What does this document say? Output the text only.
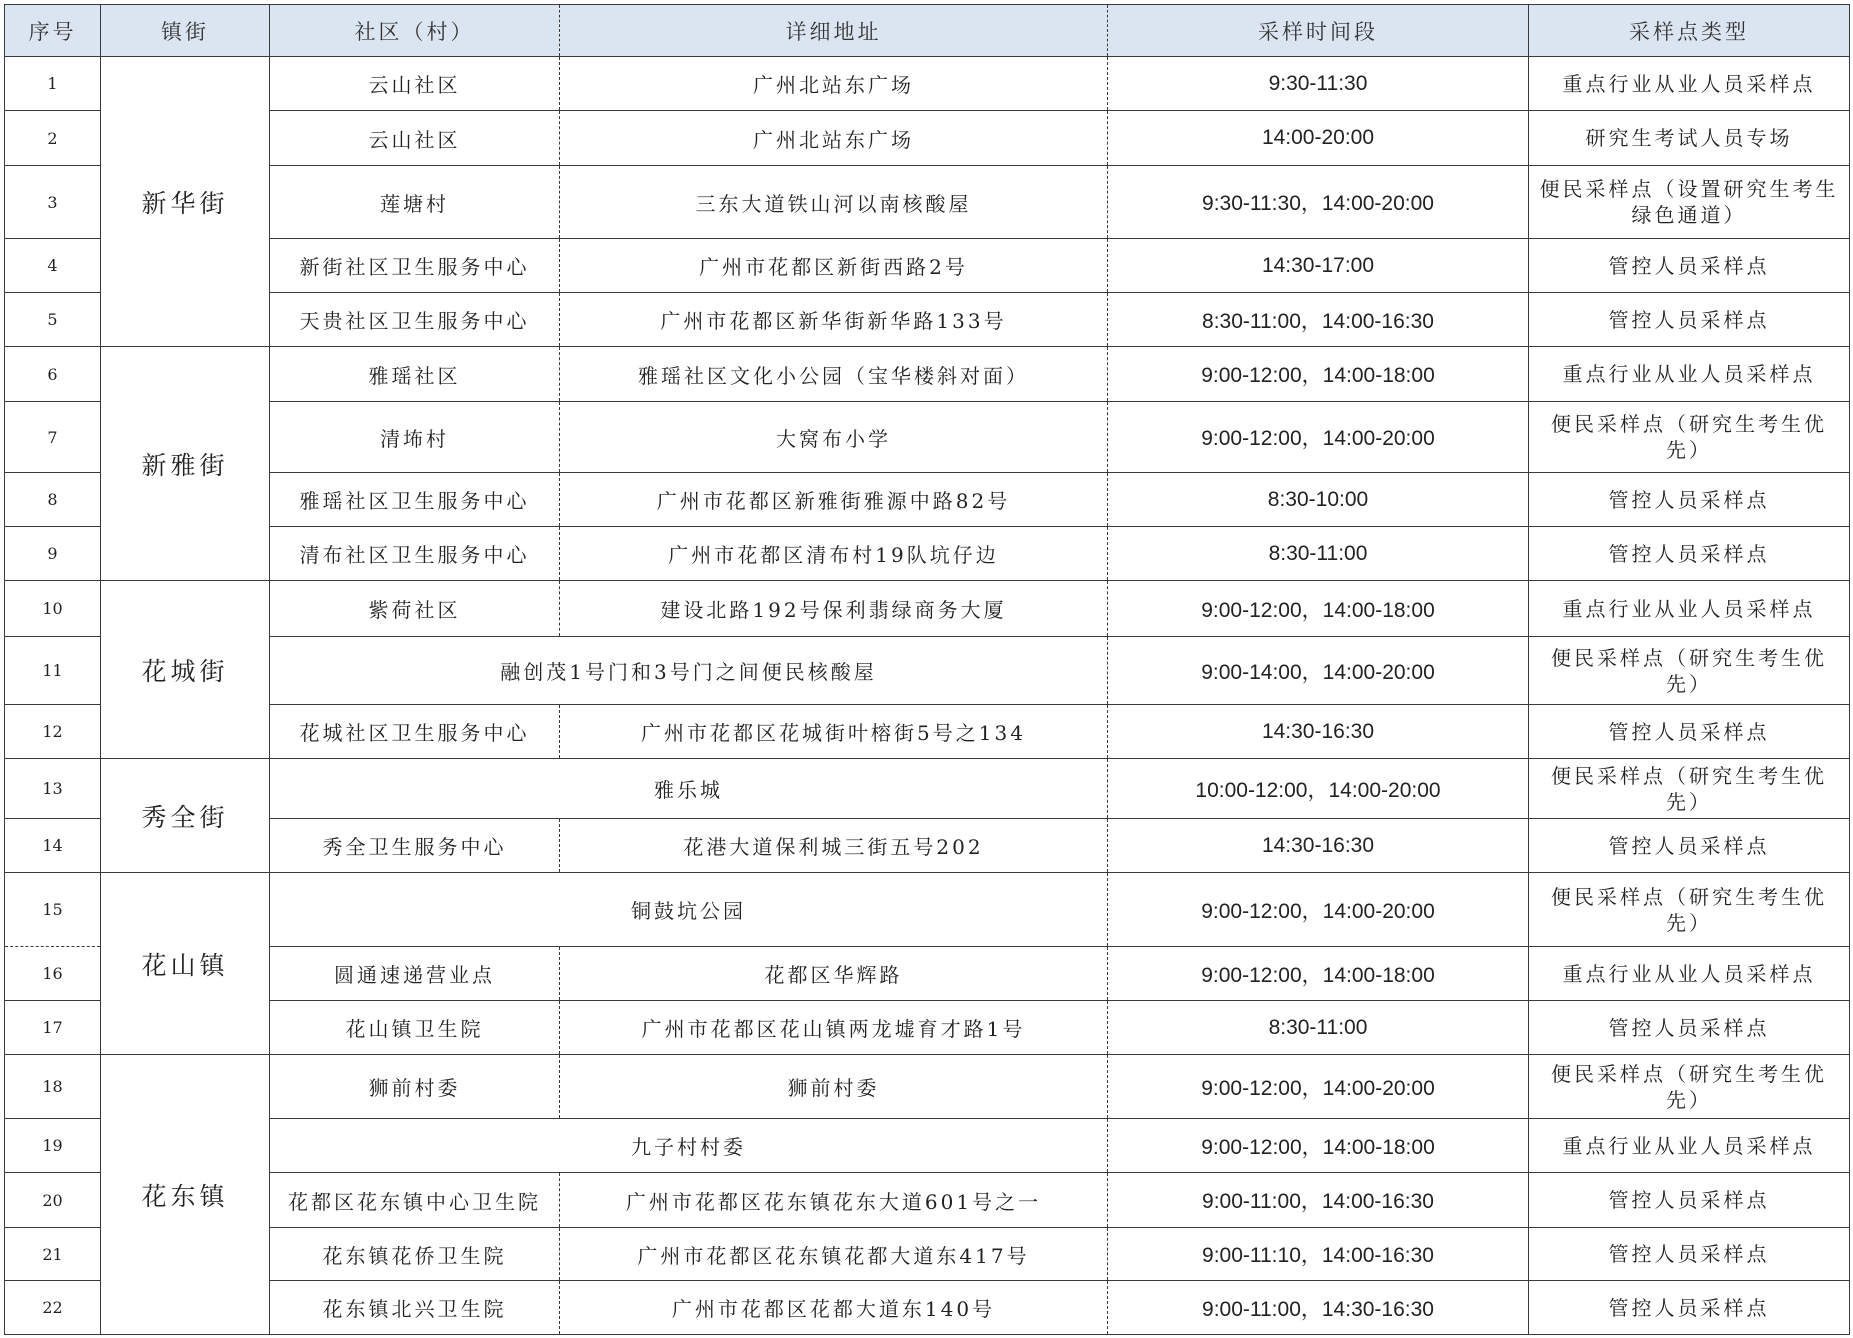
序号	镇街	社区（村）	详细地址	采样时间段	采样点类型
1	新华街	云山社区	广州北站东广场	9:30-11:30	重点行业从业人员采样点
2		云山社区	广州北站东广场	14:00-20:00	研究生考试人员专场
3		莲塘村	三东大道铁山河以南核酸屋	9:30-11:30，14:00-20:00	便民采样点（设置研究生考生绿色通道）
4		新街社区卫生服务中心	广州市花都区新街西路2号	14:30-17:00	管控人员采样点
5		天贵社区卫生服务中心	广州市花都区新华街新华路133号	8:30-11:00，14:00-16:30	管控人员采样点
6	新雅街	雅瑶社区	雅瑶社区文化小公园（宝华楼斜对面）	9:00-12:00，14:00-18:00	重点行业从业人员采样点
7		清㘵村	大窝布小学	9:00-12:00，14:00-20:00	便民采样点（研究生考生优先）
8		雅瑶社区卫生服务中心	广州市花都区新雅街雅源中路82号	8:30-10:00	管控人员采样点
9		清布社区卫生服务中心	广州市花都区清布村19队坑仔边	8:30-11:00	管控人员采样点
10	花城街	紫荷社区	建设北路192号保利翡绿商务大厦	9:00-12:00，14:00-18:00	重点行业从业人员采样点
11		融创茂1号门和3号门之间便民核酸屋		9:00-14:00，14:00-20:00	便民采样点（研究生考生优先）
12		花城社区卫生服务中心	广州市花都区花城街叶榕街5号之134	14:30-16:30	管控人员采样点
13	秀全街	雅乐城		10:00-12:00，14:00-20:00	便民采样点（研究生考生优先）
14		秀全卫生服务中心	花港大道保利城三街五号202	14:30-16:30	管控人员采样点
15	花山镇	铜鼓坑公园		9:00-12:00，14:00-20:00	便民采样点（研究生考生优先）
16		圆通速递营业点	花都区华辉路	9:00-12:00，14:00-18:00	重点行业从业人员采样点
17		花山镇卫生院	广州市花都区花山镇两龙墟育才路1号	8:30-11:00	管控人员采样点
18	花东镇	狮前村委	狮前村委	9:00-12:00，14:00-20:00	便民采样点（研究生考生优先）
19		九子村村委		9:00-12:00，14:00-18:00	重点行业从业人员采样点
20		花都区花东镇中心卫生院	广州市花都区花东镇花东大道601号之一	9:00-11:00，14:00-16:30	管控人员采样点
21		花东镇花侨卫生院	广州市花都区花东镇花都大道东417号	9:00-11:10，14:00-16:30	管控人员采样点
22		花东镇北兴卫生院	广州市花都区花都大道东140号	9:00-11:00，14:30-16:30	管控人员采样点
